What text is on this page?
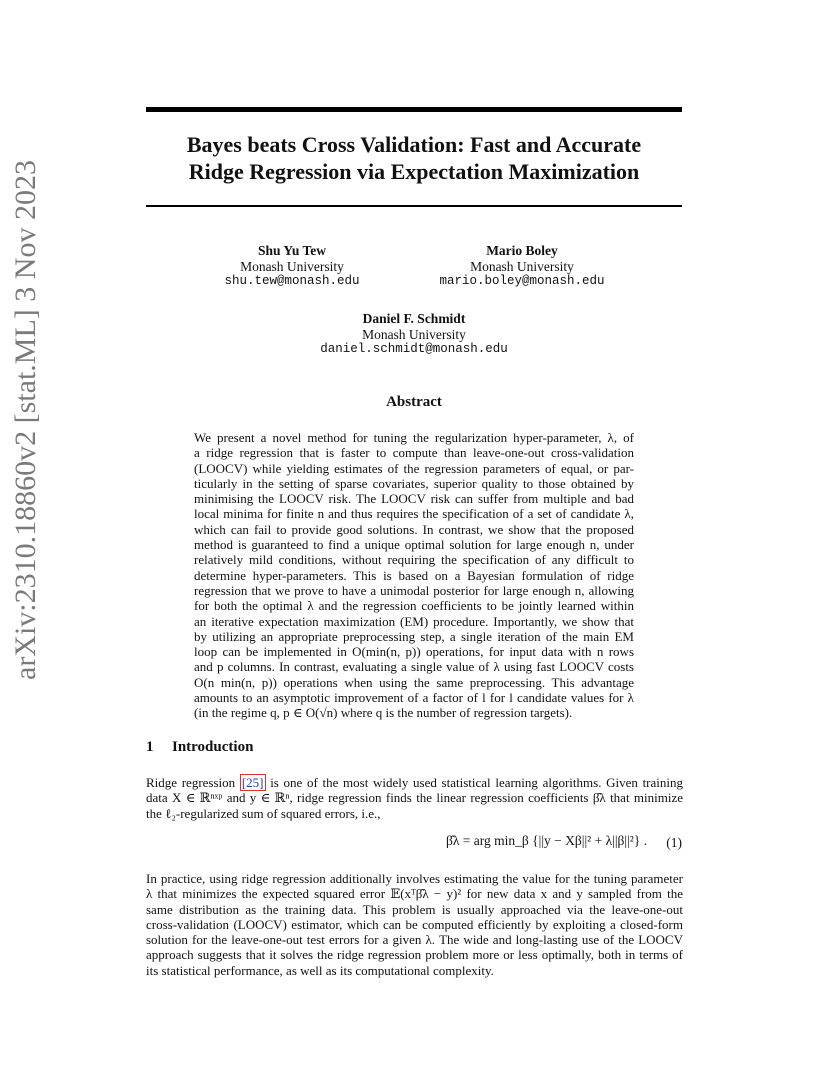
arXiv:2310.18860v2 [stat.ML] 3 Nov 2023
Bayes beats Cross Validation: Fast and Accurate
Ridge Regression via Expectation Maximization
Shu Yu Tew
Monash University
shu.tew@monash.edu
Mario Boley
Monash University
mario.boley@monash.edu
Daniel F. Schmidt
Monash University
daniel.schmidt@monash.edu
Abstract
We present a novel method for tuning the regularization hyper-parameter, λ, of
a ridge regression that is faster to compute than leave-one-out cross-validation
(LOOCV) while yielding estimates of the regression parameters of equal, or par-
ticularly in the setting of sparse covariates, superior quality to those obtained by
minimising the LOOCV risk. The LOOCV risk can suffer from multiple and bad
local minima for finite n and thus requires the specification of a set of candidate λ,
which can fail to provide good solutions. In contrast, we show that the proposed
method is guaranteed to find a unique optimal solution for large enough n, under
relatively mild conditions, without requiring the specification of any difficult to
determine hyper-parameters. This is based on a Bayesian formulation of ridge
regression that we prove to have a unimodal posterior for large enough n, allowing
for both the optimal λ and the regression coefficients to be jointly learned within
an iterative expectation maximization (EM) procedure. Importantly, we show that
by utilizing an appropriate preprocessing step, a single iteration of the main EM
loop can be implemented in O(min(n, p)) operations, for input data with n rows
and p columns. In contrast, evaluating a single value of λ using fast LOOCV costs
O(n min(n, p)) operations when using the same preprocessing. This advantage
amounts to an asymptotic improvement of a factor of l for l candidate values for λ
(in the regime q, p ∈ O(√n) where q is the number of regression targets).
1 Introduction
Ridge regression [25] is one of the most widely used statistical learning algorithms. Given training
data X ∈ ℝⁿˣᵖ and y ∈ ℝⁿ, ridge regression finds the linear regression coefficients β̂λ that minimize
the ℓ₂-regularized sum of squared errors, i.e.,
β̂λ = arg min_β {||y − Xβ||² + λ||β||²} . (1)
In practice, using ridge regression additionally involves estimating the value for the tuning parameter
λ that minimizes the expected squared error 𝔼(xᵀβ̂λ − y)² for new data x and y sampled from the
same distribution as the training data. This problem is usually approached via the leave-one-out
cross-validation (LOOCV) estimator, which can be computed efficiently by exploiting a closed-form
solution for the leave-one-out test errors for a given λ. The wide and long-lasting use of the LOOCV
approach suggests that it solves the ridge regression problem more or less optimally, both in terms of
its statistical performance, as well as its computational complexity.
